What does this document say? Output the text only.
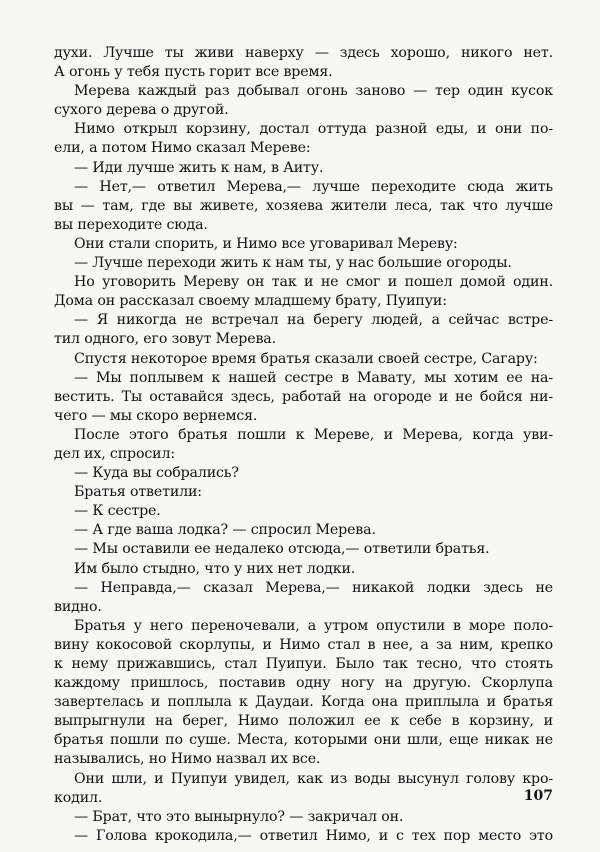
духи. Лучше ты живи наверху — здесь хорошо, никого нет.
А огонь у тебя пусть горит все время.
Мерева каждый раз добывал огонь заново — тер один кусок
сухого дерева о другой.
Нимо открыл корзину, достал оттуда разной еды, и они по-
ели, а потом Нимо сказал Мереве:
— Иди лучше жить к нам, в Аиту.
— Нет,— ответил Мерева,— лучше переходите сюда жить
вы — там, где вы живете, хозяева жители леса, так что лучше
вы переходите сюда.
Они стали спорить, и Нимо все уговаривал Мереву:
— Лучше переходи жить к нам ты, у нас большие огороды.
Но уговорить Мереву он так и не смог и пошел домой один.
Дома он рассказал своему младшему брату, Пуипуи:
— Я никогда не встречал на берегу людей, а сейчас встре-
тил одного, его зовут Мерева.
Спустя некоторое время братья сказали своей сестре, Сагару:
— Мы поплывем к нашей сестре в Мавату, мы хотим ее на-
вестить. Ты оставайся здесь, работай на огороде и не бойся ни-
чего — мы скоро вернемся.
После этого братья пошли к Мереве, и Мерева, когда уви-
дел их, спросил:
— Куда вы собрались?
Братья ответили:
— К сестре.
— А где ваша лодка? — спросил Мерева.
— Мы оставили ее недалеко отсюда,— ответили братья.
Им было стыдно, что у них нет лодки.
— Неправда,— сказал Мерева,— никакой лодки здесь не
видно.
Братья у него переночевали, а утром опустили в море поло-
вину кокосовой скорлупы, и Нимо стал в нее, а за ним, крепко
к нему прижавшись, стал Пуипуи. Было так тесно, что стоять
каждому пришлось, поставив одну ногу на другую. Скорлупа
завертелась и поплыла к Даудаи. Когда она приплыла и братья
выпрыгнули на берег, Нимо положил ее к себе в корзину, и
братья пошли по суше. Места, которыми они шли, еще никак не
назывались, но Нимо назвал их все.
Они шли, и Пуипуи увидел, как из воды высунул голову кро-
кодил.
— Брат, что это вынырнуло? — закричал он.
— Голова крокодила,— ответил Нимо, и с тех пор место это
107
